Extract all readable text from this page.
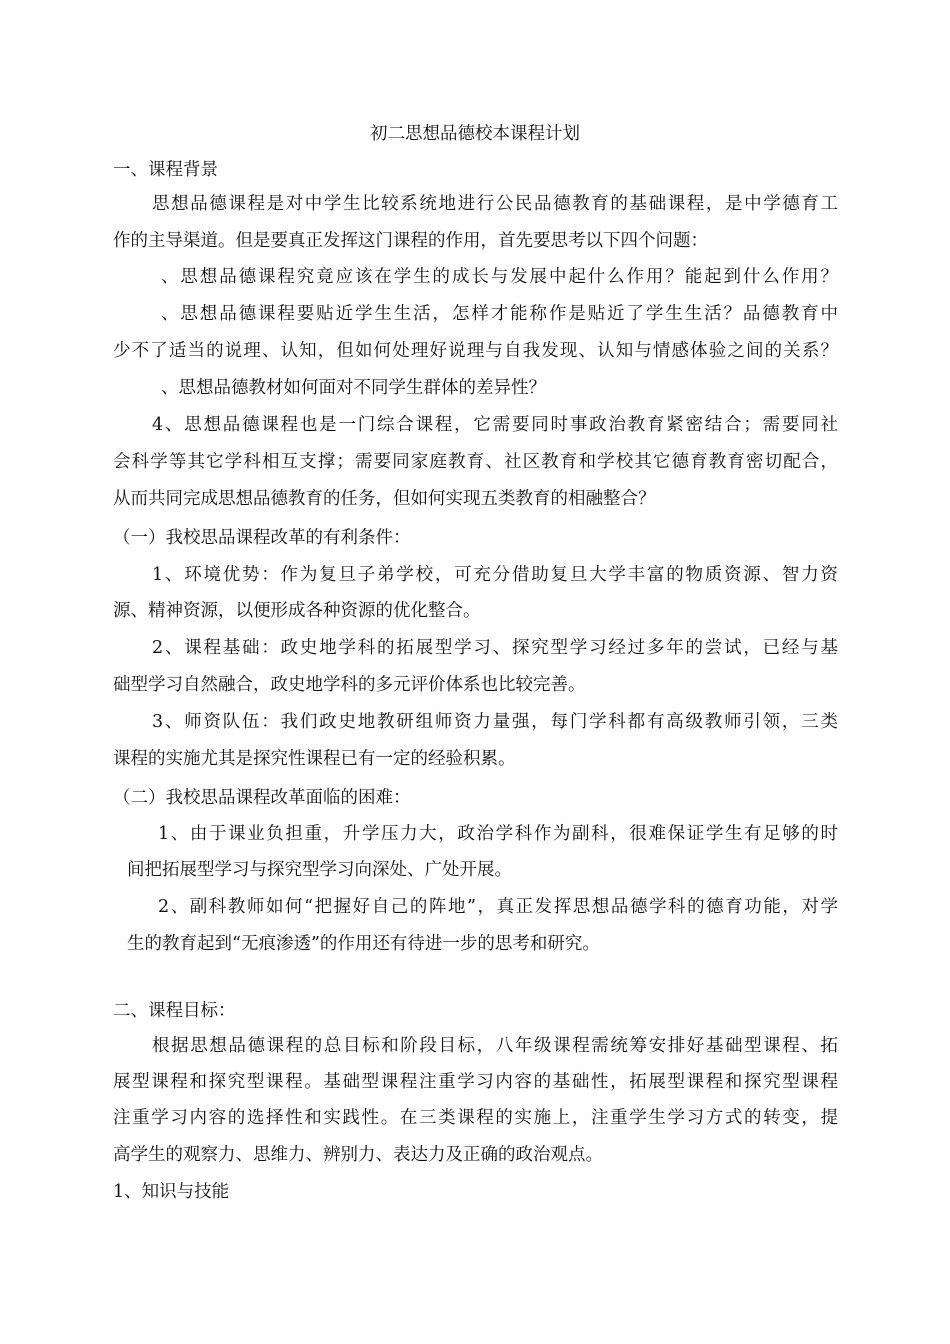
初二思想品德校本课程计划
一、课程背景
思想品德课程是对中学生比较系统地进行公民品德教育的基础课程，是中学德育工
作的主导渠道。但是要真正发挥这门课程的作用，首先要思考以下四个问题：
、思想品德课程究竟应该在学生的成长与发展中起什么作用？能起到什么作用？
、思想品德课程要贴近学生生活，怎样才能称作是贴近了学生生活？品德教育中
少不了适当的说理、认知，但如何处理好说理与自我发现、认知与情感体验之间的关系？
、思想品德教材如何面对不同学生群体的差异性？
4、思想品德课程也是一门综合课程，它需要同时事政治教育紧密结合；需要同社
会科学等其它学科相互支撑；需要同家庭教育、社区教育和学校其它德育教育密切配合，
从而共同完成思想品德教育的任务，但如何实现五类教育的相融整合？
（一）我校思品课程改革的有利条件：
1、环境优势：作为复旦子弟学校，可充分借助复旦大学丰富的物质资源、智力资
源、精神资源，以便形成各种资源的优化整合。
2、课程基础：政史地学科的拓展型学习、探究型学习经过多年的尝试，已经与基
础型学习自然融合，政史地学科的多元评价体系也比较完善。
3、师资队伍：我们政史地教研组师资力量强，每门学科都有高级教师引领，三类
课程的实施尤其是探究性课程已有一定的经验积累。
（二）我校思品课程改革面临的困难：
1、由于课业负担重，升学压力大，政治学科作为副科，很难保证学生有足够的时
间把拓展型学习与探究型学习向深处、广处开展。
2、副科教师如何“把握好自己的阵地”，真正发挥思想品德学科的德育功能，对学
生的教育起到“无痕渗透”的作用还有待进一步的思考和研究。
二、课程目标：
根据思想品德课程的总目标和阶段目标，八年级课程需统筹安排好基础型课程、拓
展型课程和探究型课程。基础型课程注重学习内容的基础性，拓展型课程和探究型课程
注重学习内容的选择性和实践性。在三类课程的实施上，注重学生学习方式的转变，提
高学生的观察力、思维力、辨别力、表达力及正确的政治观点。
1、知识与技能
